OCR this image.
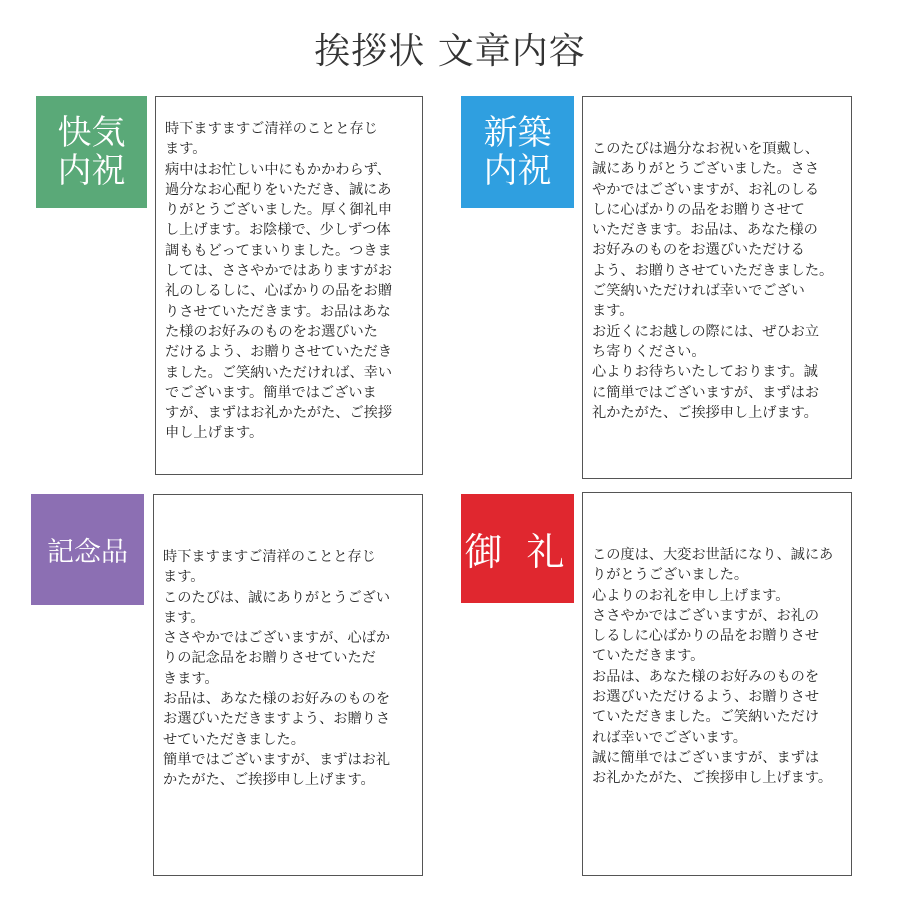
挨拶状 文章内容
快気
内祝
時下ますますご清祥のことと存じ
ます。
病中はお忙しい中にもかかわらず、
過分なお心配りをいただき、誠にあ
りがとうございました。厚く御礼申
し上げます。お陰様で、少しずつ体
調ももどってまいりました。つきま
しては、ささやかではありますがお
礼のしるしに、心ばかりの品をお贈
りさせていただきます。お品はあな
た様のお好みのものをお選びいた
だけるよう、お贈りさせていただき
ました。ご笑納いただければ、幸い
でございます。簡単ではございま
すが、まずはお礼かたがた、ご挨拶
申し上げます。
新築
内祝
このたびは過分なお祝いを頂戴し、
誠にありがとうございました。ささ
やかではございますが、お礼のしる
しに心ばかりの品をお贈りさせて
いただきます。お品は、あなた様の
お好みのものをお選びいただける
よう、お贈りさせていただきました。
ご笑納いただければ幸いでござい
ます。
お近くにお越しの際には、ぜひお立
ち寄りください。
心よりお待ちいたしております。誠
に簡単ではございますが、まずはお
礼かたがた、ご挨拶申し上げます。
記念品	時下ますますご清祥のことと存じ
ます。
このたびは、誠にありがとうござい
ます。
ささやかではございますが、心ばか
りの記念品をお贈りさせていただ
きます。
お品は、あなた様のお好みのものを
お選びいただきますよう、お贈りさ
せていただきました。
簡単ではございますが、まずはお礼
かたがた、ご挨拶申し上げます。
御 礼 この度は、大変お世話になり、誠にあ
りがとうございました。
心よりのお礼を申し上げます。
ささやかではございますが、お礼の
しるしに心ばかりの品をお贈りさせ
ていただきます。
お品は、あなた様のお好みのものを
お選びいただけるよう、お贈りさせ
ていただきました。ご笑納いただけ
れば幸いでございます。
誠に簡単ではございますが、まずは
お礼かたがた、ご挨拶申し上げます。
